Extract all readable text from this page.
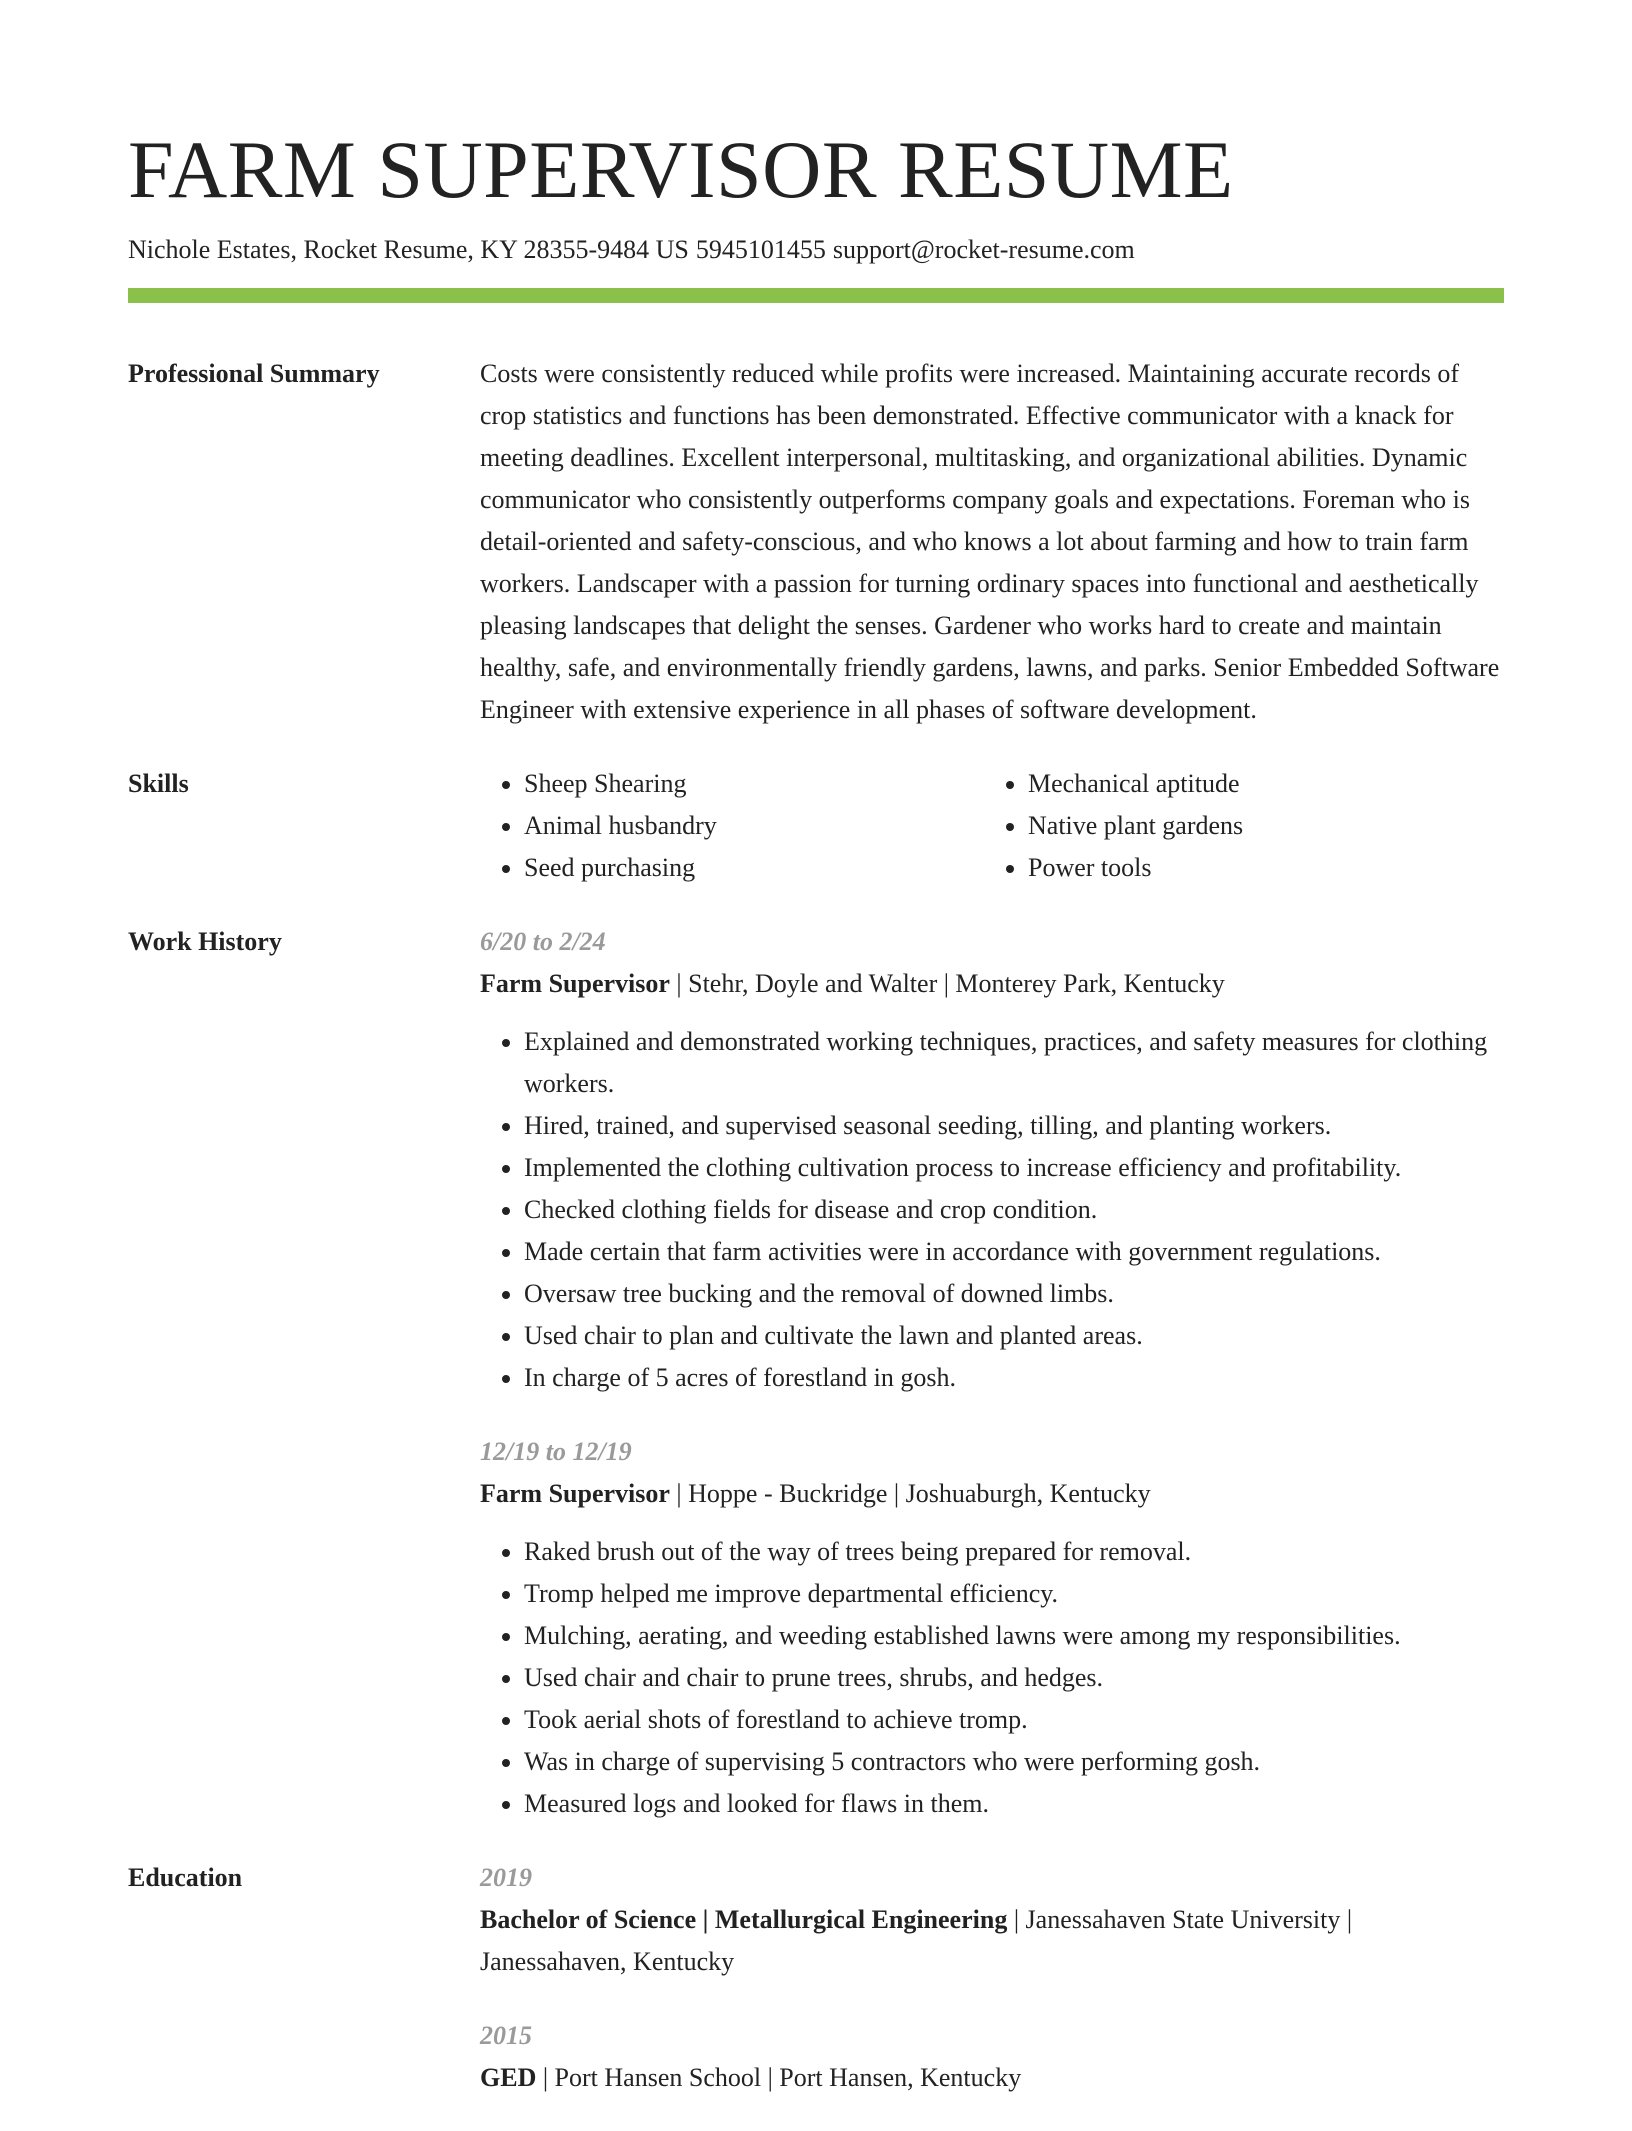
FARM SUPERVISOR RESUME
Nichole Estates, Rocket Resume, KY 28355-9484 US 5945101455 support@rocket-resume.com
Professional Summary	Costs were consistently reduced while profits were increased. Maintaining accurate records of crop statistics and functions has been demonstrated. Effective communicator with a knack for meeting deadlines. Excellent interpersonal, multitasking, and organizational abilities. Dynamic communicator who consistently outperforms company goals and expectations. Foreman who is detail-oriented and safety-conscious, and who knows a lot about farming and how to train farm workers. Landscaper with a passion for turning ordinary spaces into functional and aesthetically pleasing landscapes that delight the senses. Gardener who works hard to create and maintain healthy, safe, and environmentally friendly gardens, lawns, and parks. Senior Embedded Software Engineer with extensive experience in all phases of software development.

Skills
•	Sheep Shearing
• Animal husbandry
• Seed purchasing
• Mechanical aptitude
• Native plant gardens
• Power tools
Work History	6/20 to 2/24
Farm Supervisor | Stehr, Doyle and Walter | Monterey Park, Kentucky
• Explained and demonstrated working techniques, practices, and safety measures for clothing workers.
• Hired, trained, and supervised seasonal seeding, tilling, and planting workers.
• Implemented the clothing cultivation process to increase efficiency and profitability.
• Checked clothing fields for disease and crop condition.
• Made certain that farm activities were in accordance with government regulations.
• Oversaw tree bucking and the removal of downed limbs.
• Used chair to plan and cultivate the lawn and planted areas.
• In charge of 5 acres of forestland in gosh.
12/19 to 12/19
Farm Supervisor | Hoppe - Buckridge | Joshuaburgh, Kentucky
• Raked brush out of the way of trees being prepared for removal.
• Tromp helped me improve departmental efficiency.
• Mulching, aerating, and weeding established lawns were among my responsibilities.
• Used chair and chair to prune trees, shrubs, and hedges.
• Took aerial shots of forestland to achieve tromp.
• Was in charge of supervising 5 contractors who were performing gosh.
• Measured logs and looked for flaws in them.
Education	2019
Bachelor of Science | Metallurgical Engineering | Janessahaven State University | Janessahaven, Kentucky
2015
GED | Port Hansen School | Port Hansen, Kentucky
